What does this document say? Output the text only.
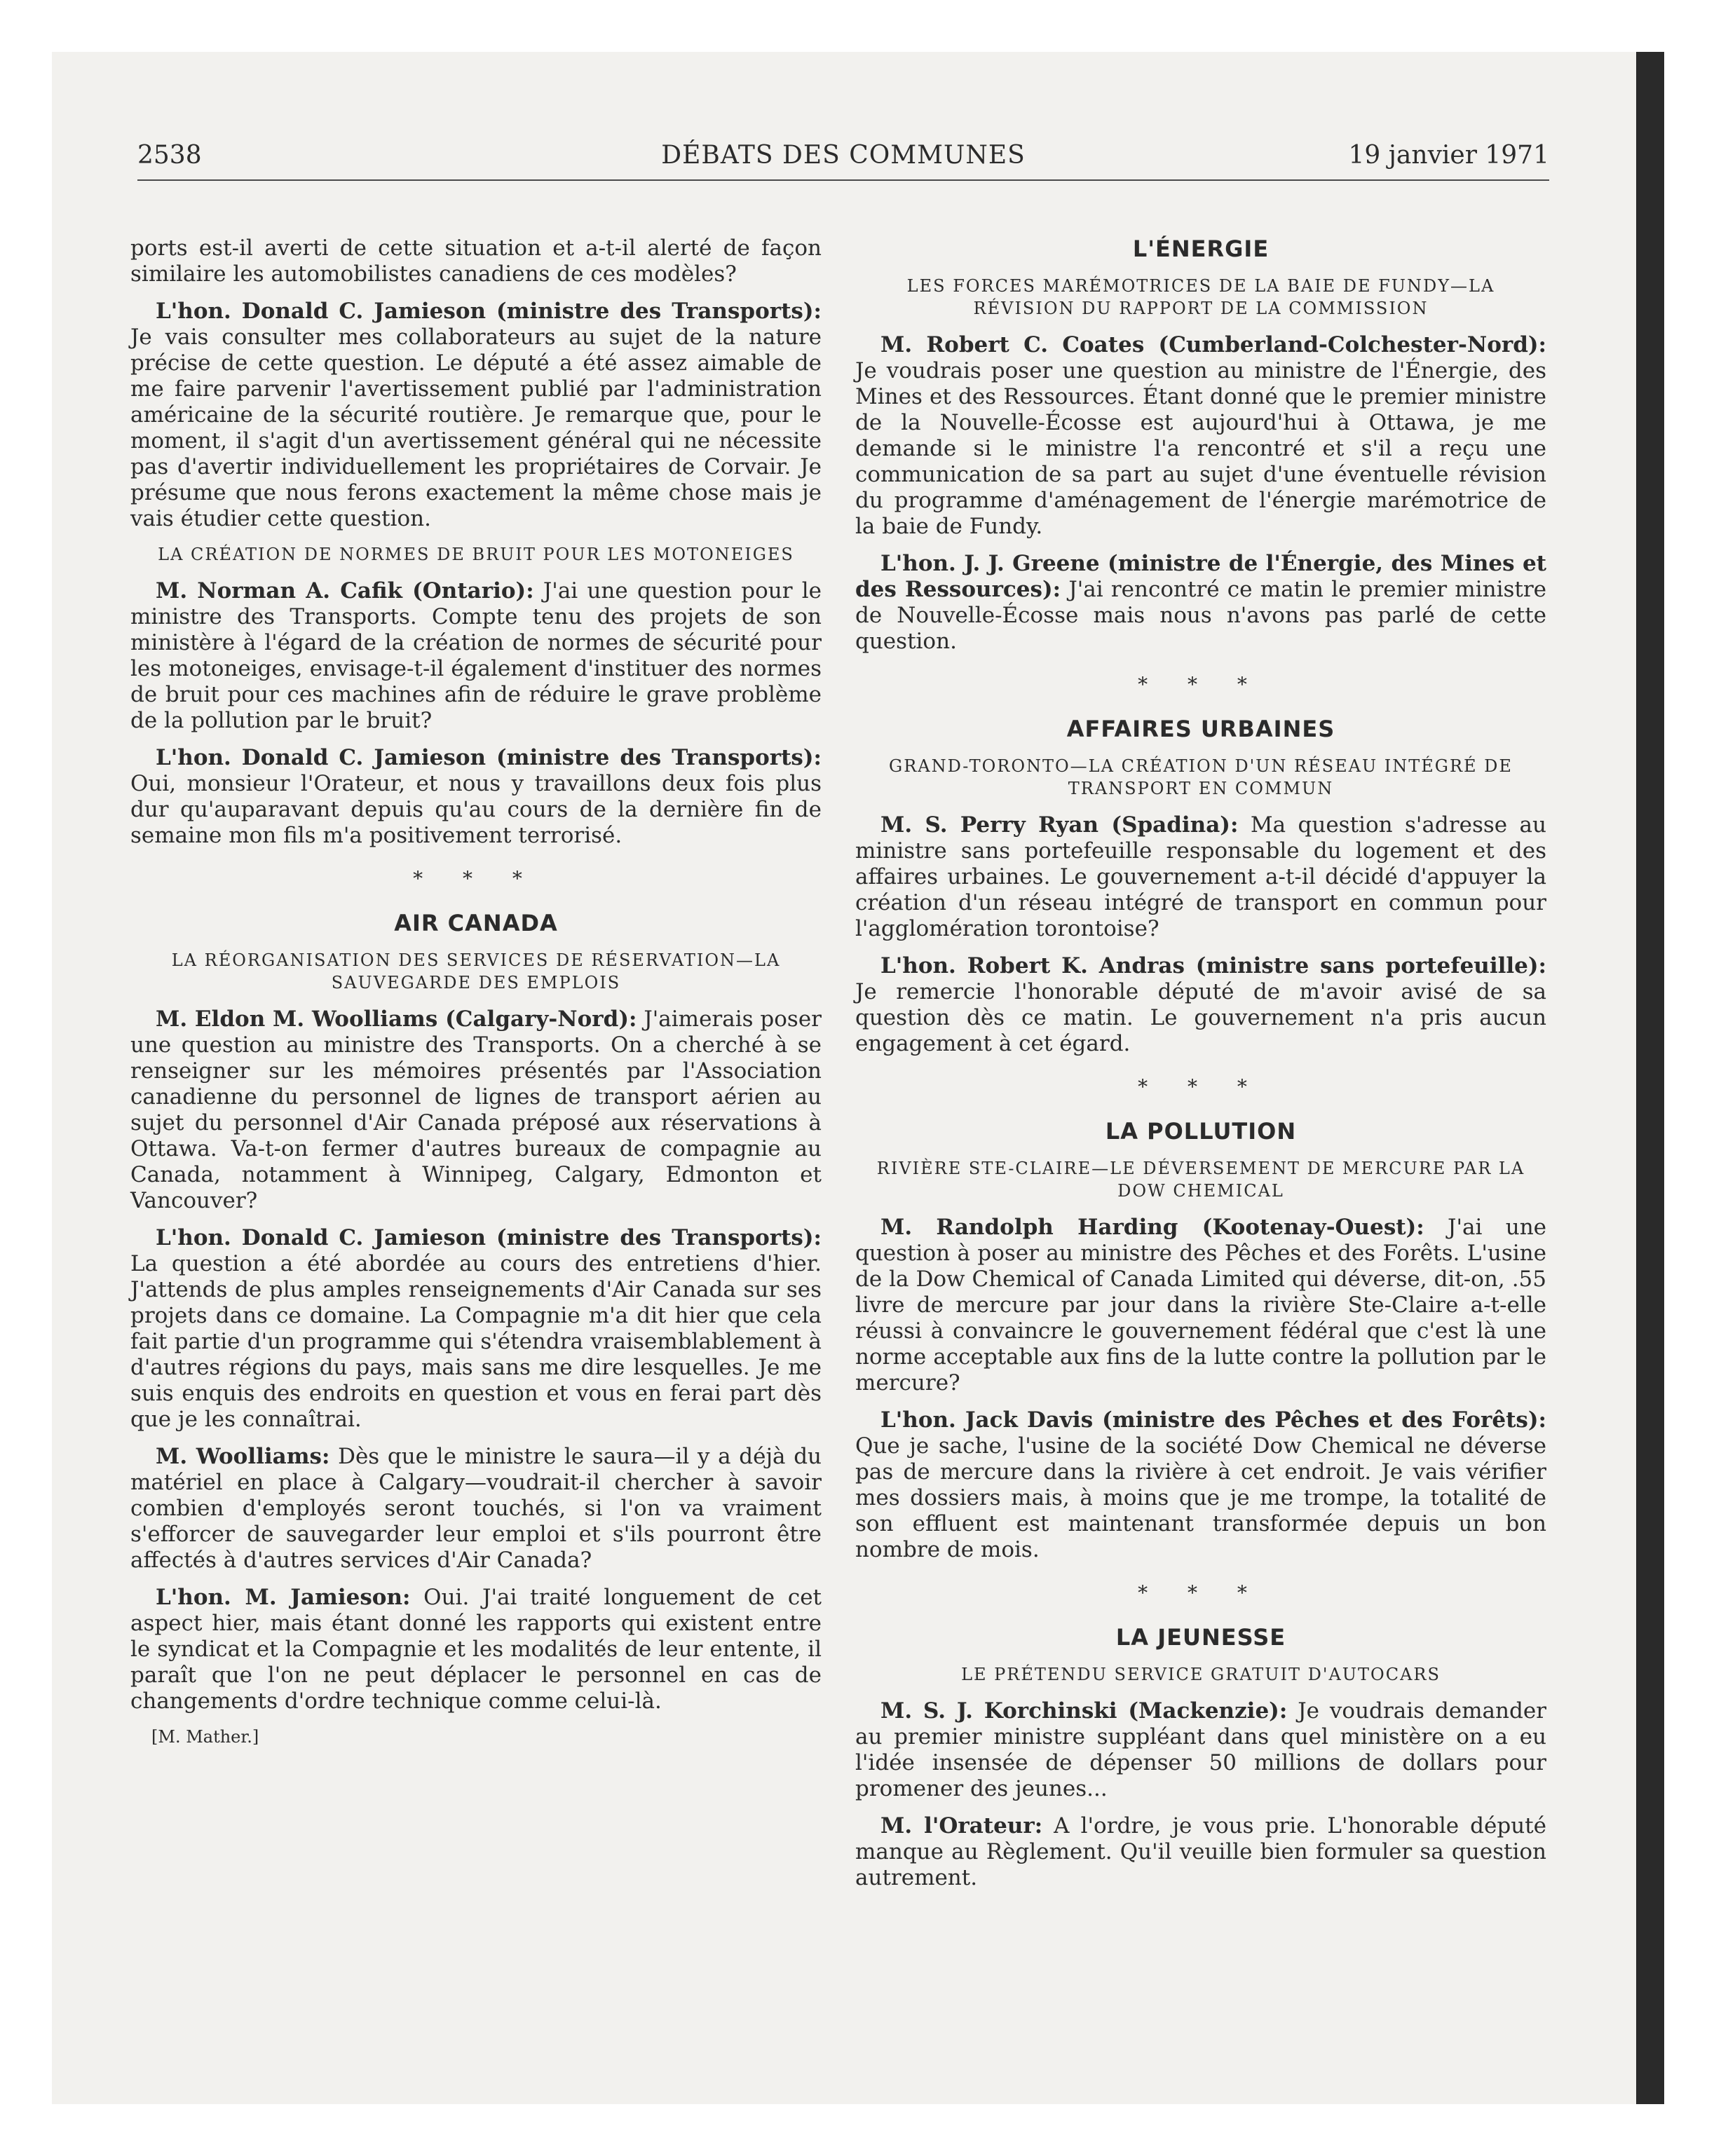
DÉBATS DES COMMUNES
2538	19 janvier 1971

ports est-il averti de cette situation et a-t-il alerté de façon similaire les automobilistes canadiens de ces modèles?

L'hon. Donald C. Jamieson (ministre des Transports): Je vais consulter mes collaborateurs au sujet de la nature précise de cette question. Le député a été assez aimable de me faire parvenir l'avertissement publié par l'administration américaine de la sécurité routière. Je remarque que, pour le moment, il s'agit d'un avertissement général qui ne nécessite pas d'avertir individuellement les propriétaires de Corvair. Je présume que nous ferons exactement la même chose mais je vais étudier cette question.

LA CRÉATION DE NORMES DE BRUIT POUR LES MOTONEIGES

M. Norman A. Cafik (Ontario): J'ai une question pour le ministre des Transports. Compte tenu des projets de son ministère à l'égard de la création de normes de sécurité pour les motoneiges, envisage-t-il également d'instituer des normes de bruit pour ces machines afin de réduire le grave problème de la pollution par le bruit?

L'hon. Donald C. Jamieson (ministre des Transports): Oui, monsieur l'Orateur, et nous y travaillons deux fois plus dur qu'auparavant depuis qu'au cours de la dernière fin de semaine mon fils m'a positivement terrorisé.

* * *
AIR CANADA
LA RÉORGANISATION DES SERVICES DE RÉSERVATION—LA SAUVEGARDE DES EMPLOIS

M. Eldon M. Woolliams (Calgary-Nord): J'aimerais poser une question au ministre des Transports. On a cherché à se renseigner sur les mémoires présentés par l'Association canadienne du personnel de lignes de transport aérien au sujet du personnel d'Air Canada préposé aux réservations à Ottawa. Va-t-on fermer d'autres bureaux de compagnie au Canada, notamment à Winnipeg, Calgary, Edmonton et Vancouver?

L'hon. Donald C. Jamieson (ministre des Transports): La question a été abordée au cours des entretiens d'hier. J'attends de plus amples renseignements d'Air Canada sur ses projets dans ce domaine. La Compagnie m'a dit hier que cela fait partie d'un programme qui s'étendra vraisemblablement à d'autres régions du pays, mais sans me dire lesquelles. Je me suis enquis des endroits en question et vous en ferai part dès que je les connaîtrai.

M. Woolliams: Dès que le ministre le saura—il y a déjà du matériel en place à Calgary—voudrait-il chercher à savoir combien d'employés seront touchés, si l'on va vraiment s'efforcer de sauvegarder leur emploi et s'ils pourront être affectés à d'autres services d'Air Canada?

L'hon. M. Jamieson: Oui. J'ai traité longuement de cet aspect hier, mais étant donné les rapports qui existent entre le syndicat et la Compagnie et les modalités de leur entente, il paraît que l'on ne peut déplacer le personnel en cas de changements d'ordre technique comme celui-là.

[M. Mather.]
L'ÉNERGIE
LES FORCES MARÉMOTRICES DE LA BAIE DE FUNDY—LA RÉVISION DU RAPPORT DE LA COMMISSION

M. Robert C. Coates (Cumberland-Colchester-Nord): Je voudrais poser une question au ministre de l'Énergie, des Mines et des Ressources. Étant donné que le premier ministre de la Nouvelle-Écosse est aujourd'hui à Ottawa, je me demande si le ministre l'a rencontré et s'il a reçu une communication de sa part au sujet d'une éventuelle révision du programme d'aménagement de l'énergie marémotrice de la baie de Fundy.

L'hon. J. J. Greene (ministre de l'Énergie, des Mines et des Ressources): J'ai rencontré ce matin le premier ministre de Nouvelle-Écosse mais nous n'avons pas parlé de cette question.

* * *
AFFAIRES URBAINES
GRAND-TORONTO—LA CRÉATION D'UN RÉSEAU INTÉGRÉ DE TRANSPORT EN COMMUN

M. S. Perry Ryan (Spadina): Ma question s'adresse au ministre sans portefeuille responsable du logement et des affaires urbaines. Le gouvernement a-t-il décidé d'appuyer la création d'un réseau intégré de transport en commun pour l'agglomération torontoise?

L'hon. Robert K. Andras (ministre sans portefeuille): Je remercie l'honorable député de m'avoir avisé de sa question dès ce matin. Le gouvernement n'a pris aucun engagement à cet égard.

* * *
LA POLLUTION
RIVIÈRE STE-CLAIRE—LE DÉVERSEMENT DE MERCURE PAR LA DOW CHEMICAL

M. Randolph Harding (Kootenay-Ouest): J'ai une question à poser au ministre des Pêches et des Forêts. L'usine de la Dow Chemical of Canada Limited qui déverse, dit-on, .55 livre de mercure par jour dans la rivière Ste-Claire a-t-elle réussi à convaincre le gouvernement fédéral que c'est là une norme acceptable aux fins de la lutte contre la pollution par le mercure?

L'hon. Jack Davis (ministre des Pêches et des Forêts): Que je sache, l'usine de la société Dow Chemical ne déverse pas de mercure dans la rivière à cet endroit. Je vais vérifier mes dossiers mais, à moins que je me trompe, la totalité de son effluent est maintenant transformée depuis un bon nombre de mois.

* * *
LA JEUNESSE
LE PRÉTENDU SERVICE GRATUIT D'AUTOCARS

M. S. J. Korchinski (Mackenzie): Je voudrais demander au premier ministre suppléant dans quel ministère on a eu l'idée insensée de dépenser 50 millions de dollars pour promener des jeunes...

M. l'Orateur: A l'ordre, je vous prie. L'honorable député manque au Règlement. Qu'il veuille bien formuler sa question autrement.
